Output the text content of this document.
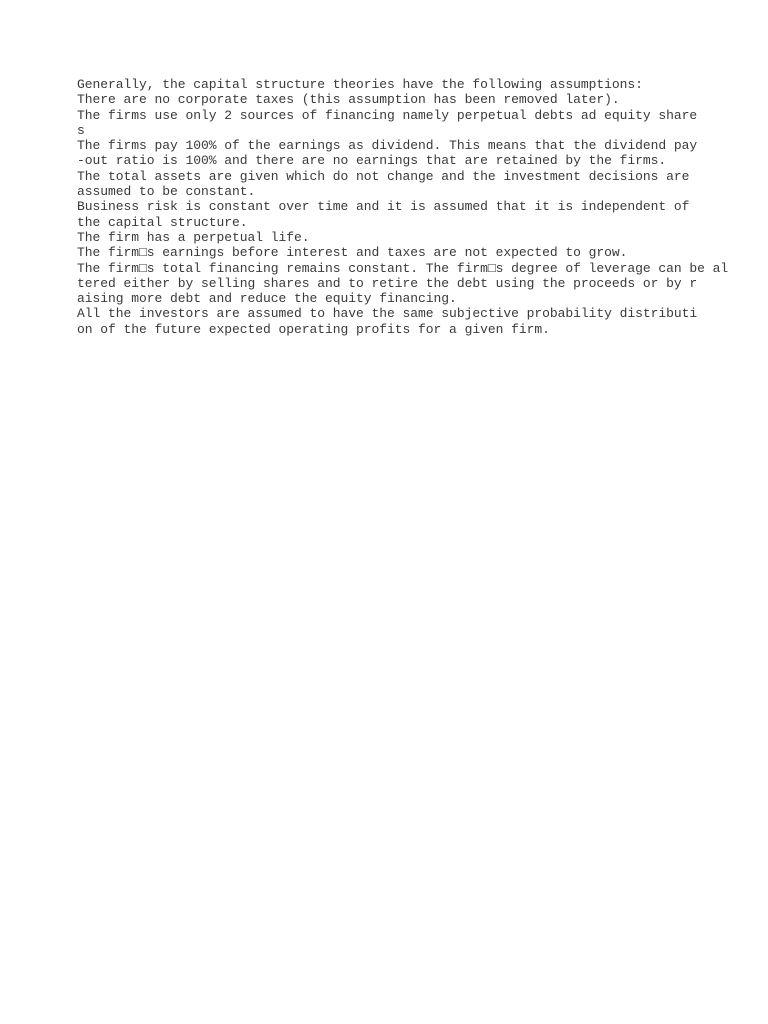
Generally, the capital structure theories have the following assumptions:
There are no corporate taxes (this assumption has been removed later).
The firms use only 2 sources of financing namely perpetual debts ad equity share
s
The firms pay 100% of the earnings as dividend. This means that the dividend pay
-out ratio is 100% and there are no earnings that are retained by the firms.
The total assets are given which do not change and the investment decisions are
assumed to be constant.
Business risk is constant over time and it is assumed that it is independent of
the capital structure.
The firm has a perpetual life.
The firm□s earnings before interest and taxes are not expected to grow.
The firm□s total financing remains constant. The firm□s degree of leverage can be al
tered either by selling shares and to retire the debt using the proceeds or by r
aising more debt and reduce the equity financing.
All the investors are assumed to have the same subjective probability distributi
on of the future expected operating profits for a given firm.
